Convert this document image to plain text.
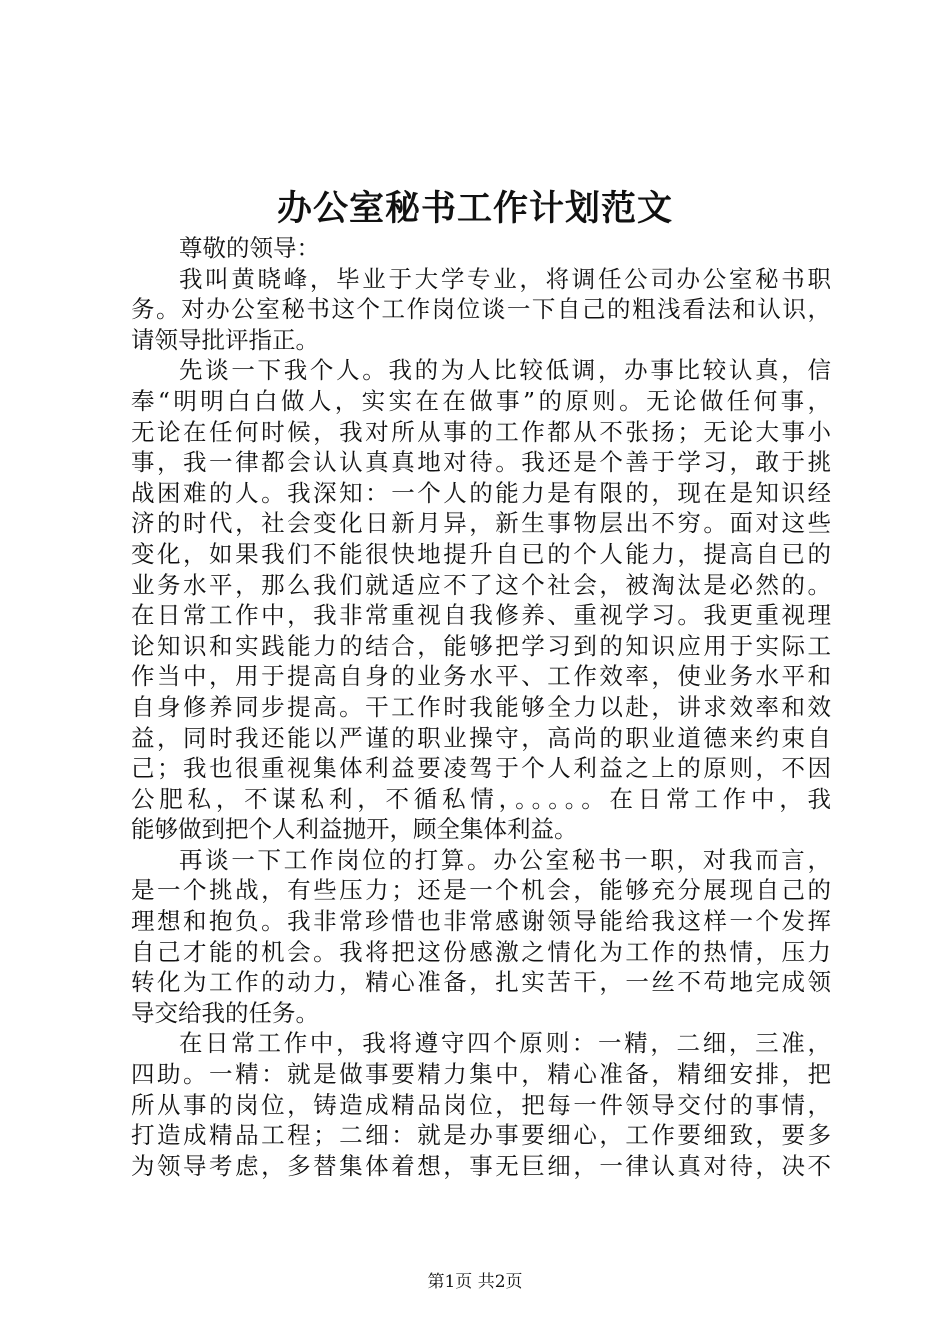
办公室秘书工作计划范文
尊敬的领导：
我叫黄晓峰，毕业于大学专业，将调任公司办公室秘书职
务。对办公室秘书这个工作岗位谈一下自己的粗浅看法和认识，
请领导批评指正。
先谈一下我个人。我的为人比较低调，办事比较认真，信
奉“明明白白做人，实实在在做事”的原则。无论做任何事，
无论在任何时候，我对所从事的工作都从不张扬；无论大事小
事，我一律都会认认真真地对待。我还是个善于学习，敢于挑
战困难的人。我深知：一个人的能力是有限的，现在是知识经
济的时代，社会变化日新月异，新生事物层出不穷。面对这些
变化，如果我们不能很快地提升自已的个人能力，提高自已的
业务水平，那么我们就适应不了这个社会，被淘汰是必然的。
在日常工作中，我非常重视自我修养、重视学习。我更重视理
论知识和实践能力的结合，能够把学习到的知识应用于实际工
作当中，用于提高自身的业务水平、工作效率，使业务水平和
自身修养同步提高。干工作时我能够全力以赴，讲求效率和效
益，同时我还能以严谨的职业操守，高尚的职业道德来约束自
己；我也很重视集体利益要凌驾于个人利益之上的原则，不因
公肥私，不谋私利，不循私情，。。。。。在日常工作中，我
能够做到把个人利益抛开，顾全集体利益。
再谈一下工作岗位的打算。办公室秘书一职，对我而言，
是一个挑战，有些压力；还是一个机会，能够充分展现自己的
理想和抱负。我非常珍惜也非常感谢领导能给我这样一个发挥
自己才能的机会。我将把这份感激之情化为工作的热情，压力
转化为工作的动力，精心准备，扎实苦干，一丝不苟地完成领
导交给我的任务。
在日常工作中，我将遵守四个原则：一精，二细，三准，
四助。一精：就是做事要精力集中，精心准备，精细安排，把
所从事的岗位，铸造成精品岗位，把每一件领导交付的事情，
打造成精品工程；二细：就是办事要细心，工作要细致，要多
为领导考虑，多替集体着想，事无巨细，一律认真对待，决不
第1页 共2页
